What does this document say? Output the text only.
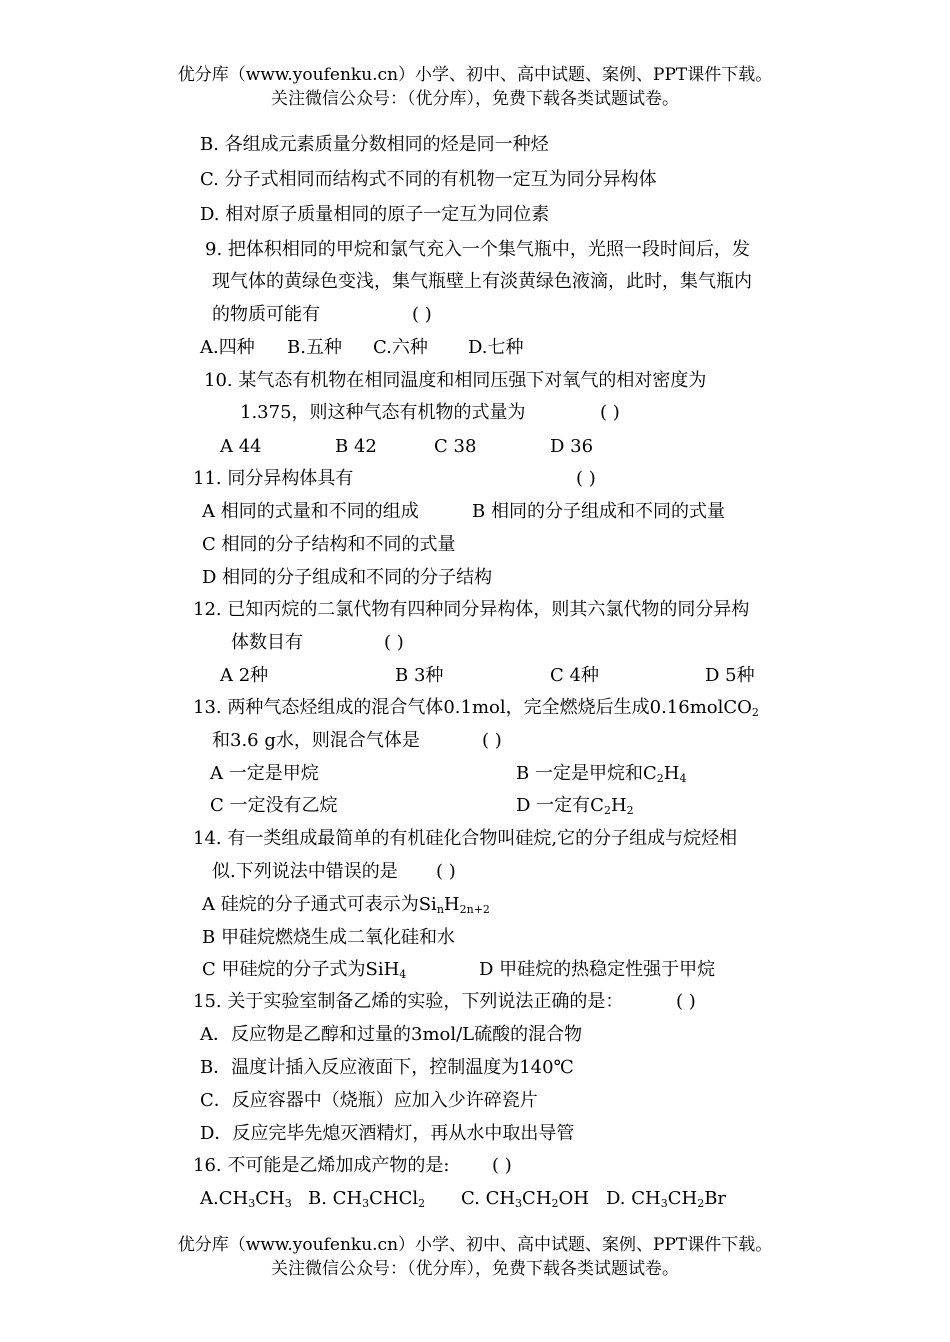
优分库（www.youfenku.cn）小学、初中、高中试题、案例、PPT课件下载。
关注微信公众号：（优分库），免费下载各类试题试卷。
B. 各组成元素质量分数相同的烃是同一种烃
C. 分子式相同而结构式不同的有机物一定互为同分异构体
D. 相对原子质量相同的原子一定互为同位素
9. 把体积相同的甲烷和氯气充入一个集气瓶中，光照一段时间后，发
现气体的黄绿色变浅，集气瓶壁上有淡黄绿色液滴，此时，集气瓶内
的物质可能有	( )
A.四种 B.五种 C.六种 D.七种
10. 某气态有机物在相同温度和相同压强下对氧气的相对密度为
1.375，则这种气态有机物的式量为	( )
A 44	B 42	C 38	D 36
11. 同分异构体具有	( )
A 相同的式量和不同的组成	B 相同的分子组成和不同的式量
C 相同的分子结构和不同的式量
D 相同的分子组成和不同的分子结构
12. 已知丙烷的二氯代物有四种同分异构体，则其六氯代物的同分异构
体数目有	( )
A 2种	B 3种	C 4种	D 5种
13. 两种气态烃组成的混合气体0.1mol，完全燃烧后生成0.16molCO$_2$
和3.6 g水，则混合气体是	( )
A 一定是甲烷	B 一定是甲烷和$C_2H_4$
C 一定没有乙烷	D 一定有$C_2H_2$
14. 有一类组成最简单的有机硅化合物叫硅烷,它的分子组成与烷烃相
似.下列说法中错误的是 ( )
A 硅烷的分子通式可表示为$Si_nH_{2n+2}$
B 甲硅烷燃烧生成二氧化硅和水
C 甲硅烷的分子式为SiH$_4$	D 甲硅烷的热稳定性强于甲烷
15. 关于实验室制备乙烯的实验，下列说法正确的是：	( )
A．反应物是乙醇和过量的3mol/L硫酸的混合物
B．温度计插入反应液面下，控制温度为140℃
C．反应容器中（烧瓶）应加入少许碎瓷片
D．反应完毕先熄灭酒精灯，再从水中取出导管
16. 不可能是乙烯加成产物的是: ( )
$A.CH_3CH_3$ B. $CH_3CHCl_2$ C. $CH_3CH_2OH$ D. $CH_3CH_2Br$
优分库（www.youfenku.cn）小学、初中、高中试题、案例、PPT课件下载。
关注微信公众号：（优分库），免费下载各类试题试卷。
